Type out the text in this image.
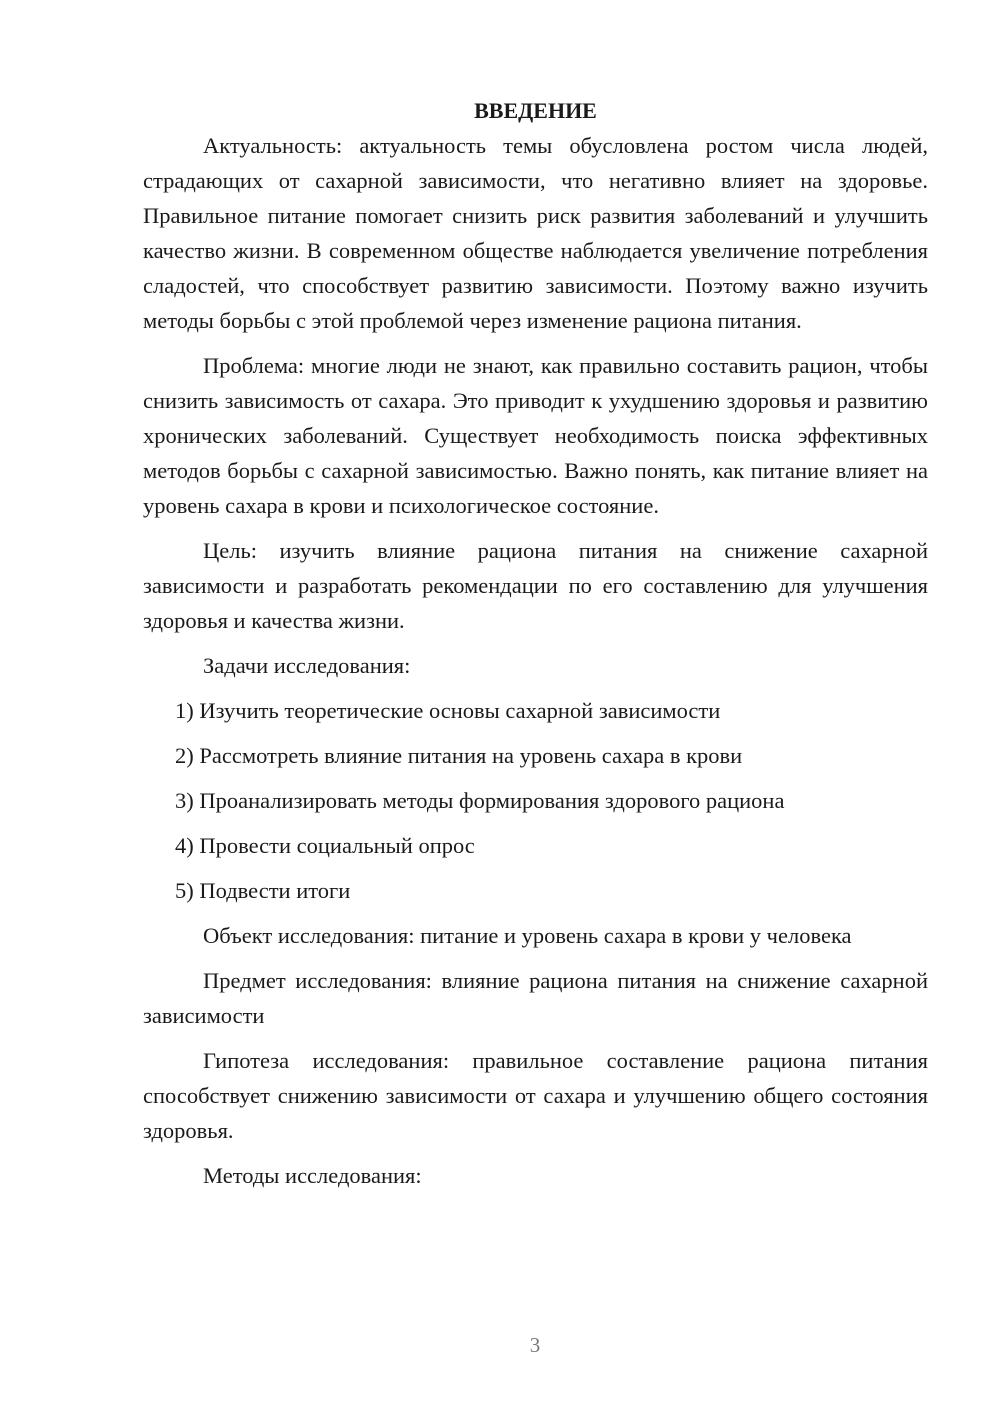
ВВЕДЕНИЕ

Актуальность: актуальность темы обусловлена ростом числа людей, страдающих от сахарной зависимости, что негативно влияет на здоровье. Правильное питание помогает снизить риск развития заболеваний и улучшить качество жизни. В современном обществе наблюдается увеличение потребления сладостей, что способствует развитию зависимости. Поэтому важно изучить методы борьбы с этой проблемой через изменение рациона питания.

Проблема: многие люди не знают, как правильно составить рацион, чтобы снизить зависимость от сахара. Это приводит к ухудшению здоровья и развитию хронических заболеваний. Существует необходимость поиска эффективных методов борьбы с сахарной зависимостью. Важно понять, как питание влияет на уровень сахара в крови и психологическое состояние.

Цель: изучить влияние рациона питания на снижение сахарной зависимости и разработать рекомендации по его составлению для улучшения здоровья и качества жизни.

Задачи исследования:

1) Изучить теоретические основы сахарной зависимости
2) Рассмотреть влияние питания на уровень сахара в крови
3) Проанализировать методы формирования здорового рациона
4) Провести социальный опрос
5) Подвести итоги

Объект исследования: питание и уровень сахара в крови у человека

Предмет исследования: влияние рациона питания на снижение сахарной зависимости

Гипотеза исследования: правильное составление рациона питания способствует снижению зависимости от сахара и улучшению общего состояния здоровья.

Методы исследования:

3
